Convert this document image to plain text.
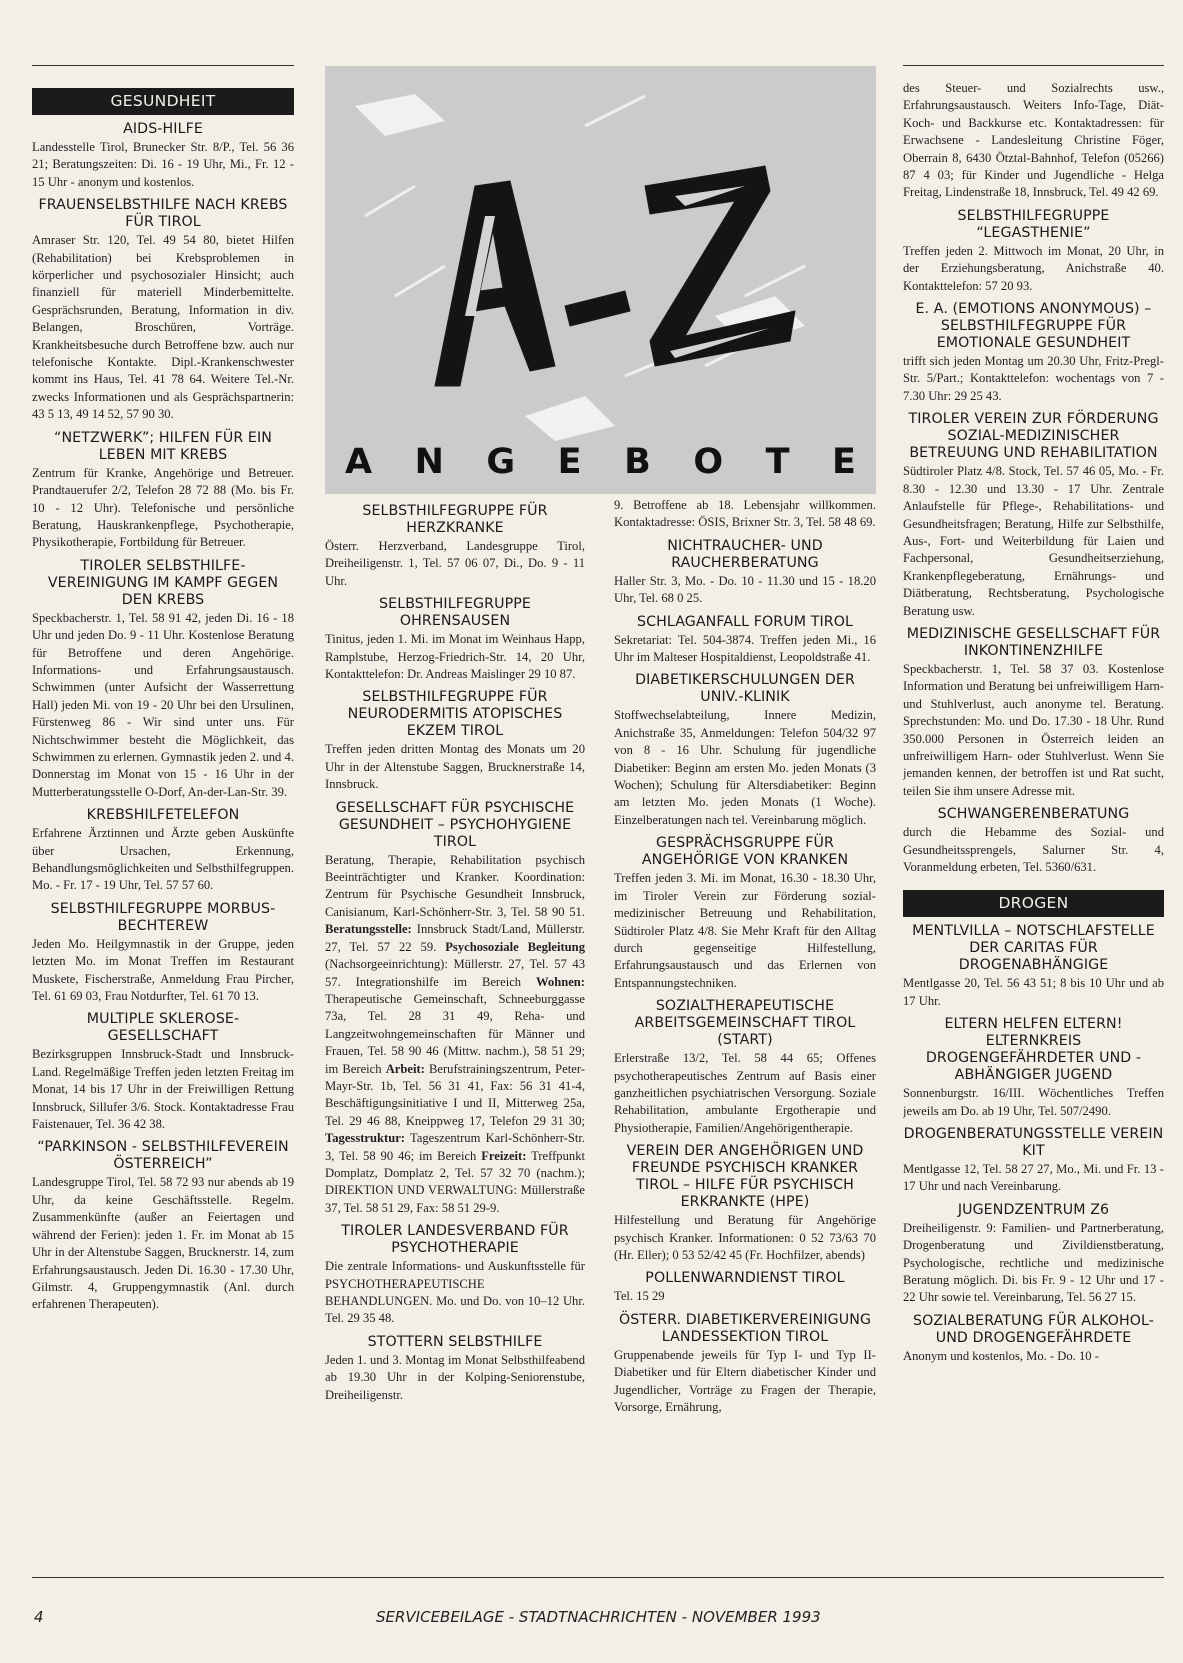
GESUNDHEIT
AIDS-HILFE

Landesstelle Tirol, Brunecker Str. 8/P., Tel. 56 36 21; Beratungszeiten: Di. 16 - 19 Uhr, Mi., Fr. 12 - 15 Uhr - anonym und kostenlos.

FRAUENSELBSTHILFE NACH KREBS FÜR TIROL

Amraser Str. 120, Tel. 49 54 80, bietet Hilfen (Rehabilitation) bei Krebsproblemen in körperlicher und psychosozialer Hinsicht; auch finanziell für materiell Minderbemittelte. Gesprächsrunden, Beratung, Information in div. Belangen, Broschüren, Vorträge. Krankheitsbesuche durch Betroffene bzw. auch nur telefonische Kontakte. Dipl.-Krankenschwester kommt ins Haus, Tel. 41 78 64. Weitere Tel.-Nr. zwecks Informationen und als Gesprächspartnerin: 43 5 13, 49 14 52, 57 90 30.

“NETZWERK”; HILFEN FÜR EIN LEBEN MIT KREBS

Zentrum für Kranke, Angehörige und Betreuer. Prandtauerufer 2/2, Telefon 28 72 88 (Mo. bis Fr. 10 - 12 Uhr). Telefonische und persönliche Beratung, Hauskrankenpflege, Psychotherapie, Physikotherapie, Fortbildung für Betreuer.

TIROLER SELBSTHILFE-VEREINIGUNG IM KAMPF GEGEN DEN KREBS

Speckbacherstr. 1, Tel. 58 91 42, jeden Di. 16 - 18 Uhr und jeden Do. 9 - 11 Uhr. Kostenlose Beratung für Betroffene und deren Angehörige. Informations- und Erfahrungsaustausch. Schwimmen (unter Aufsicht der Wasserrettung Hall) jeden Mi. von 19 - 20 Uhr bei den Ursulinen, Fürstenweg 86 - Wir sind unter uns. Für Nichtschwimmer besteht die Möglichkeit, das Schwimmen zu erlernen. Gymnastik jeden 2. und 4. Donnerstag im Monat von 15 - 16 Uhr in der Mutterberatungsstelle O-Dorf, An-der-Lan-Str. 39.

KREBSHILFETELEFON

Erfahrene Ärztinnen und Ärzte geben Auskünfte über Ursachen, Erkennung, Behandlungsmöglichkeiten und Selbsthilfegruppen. Mo. - Fr. 17 - 19 Uhr, Tel. 57 57 60.

SELBSTHILFEGRUPPE MORBUS-BECHTEREW

Jeden Mo. Heilgymnastik in der Gruppe, jeden letzten Mo. im Monat Treffen im Restaurant Muskete, Fischerstraße, Anmeldung Frau Pircher, Tel. 61 69 03, Frau Notdurfter, Tel. 61 70 13.

MULTIPLE SKLEROSE-GESELLSCHAFT

Bezirksgruppen Innsbruck-Stadt und Innsbruck-Land. Regelmäßige Treffen jeden letzten Freitag im Monat, 14 bis 17 Uhr in der Freiwilligen Rettung Innsbruck, Sillufer 3/6. Stock. Kontaktadresse Frau Faistenauer, Tel. 36 42 38.

“PARKINSON - SELBSTHILFEVEREIN ÖSTERREICH”

Landesgruppe Tirol, Tel. 58 72 93 nur abends ab 19 Uhr, da keine Geschäftsstelle. Regelm. Zusammenkünfte (außer an Feiertagen und während der Ferien): jeden 1. Fr. im Monat ab 15 Uhr in der Altenstube Saggen, Brucknerstr. 14, zum Erfahrungsaustausch. Jeden Di. 16.30 - 17.30 Uhr, Gilmstr. 4, Gruppengymnastik (Anl. durch erfahrenen Therapeuten).

A N G E B O T E
SELBSTHILFEGRUPPE FÜR HERZKRANKE

Österr. Herzverband, Landesgruppe Tirol, Dreiheiligenstr. 1, Tel. 57 06 07, Di., Do. 9 - 11 Uhr.

SELBSTHILFEGRUPPE OHRENSAUSEN

Tinitus, jeden 1. Mi. im Monat im Weinhaus Happ, Ramplstube, Herzog-Friedrich-Str. 14, 20 Uhr, Kontakttelefon: Dr. Andreas Maislinger 29 10 87.

SELBSTHILFEGRUPPE FÜR NEURODERMITIS ATOPISCHES EKZEM TIROL

Treffen jeden dritten Montag des Monats um 20 Uhr in der Altenstube Saggen, Brucknerstraße 14, Innsbruck.

GESELLSCHAFT FÜR PSYCHISCHE GESUNDHEIT – PSYCHOHYGIENE TIROL

Beratung, Therapie, Rehabilitation psychisch Beeinträchtigter und Kranker. Koordination: Zentrum für Psychische Gesundheit Innsbruck, Canisianum, Karl-Schönherr-Str. 3, Tel. 58 90 51. Beratungsstelle: Innsbruck Stadt/Land, Müllerstr. 27, Tel. 57 22 59. Psychosoziale Begleitung (Nachsorgeeinrichtung): Müllerstr. 27, Tel. 57 43 57. Integrationshilfe im Bereich Wohnen: Therapeutische Gemeinschaft, Schneeburggasse 73a, Tel. 28 31 49, Reha- und Langzeitwohngemeinschaften für Männer und Frauen, Tel. 58 90 46 (Mittw. nachm.), 58 51 29; im Bereich Arbeit: Berufstrainingszentrum, Peter-Mayr-Str. 1b, Tel. 56 31 41, Fax: 56 31 41-4, Beschäftigungsinitiative I und II, Mitterweg 25a, Tel. 29 46 88, Kneippweg 17, Telefon 29 31 30; Tagesstruktur: Tageszentrum Karl-Schönherr-Str. 3, Tel. 58 90 46; im Bereich Freizeit: Treffpunkt Domplatz, Domplatz 2, Tel. 57 32 70 (nachm.); DIREKTION UND VERWALTUNG: Müllerstraße 37, Tel. 58 51 29, Fax: 58 51 29-9.

TIROLER LANDESVERBAND FÜR PSYCHOTHERAPIE

Die zentrale Informations- und Auskunftsstelle für PSYCHOTHERAPEUTISCHE BEHANDLUNGEN. Mo. und Do. von 10–12 Uhr. Tel. 29 35 48.

STOTTERN SELBSTHILFE

Jeden 1. und 3. Montag im Monat Selbsthilfeabend ab 19.30 Uhr in der Kolping-Seniorenstube, Dreiheiligenstr.

9. Betroffene ab 18. Lebensjahr willkommen. Kontaktadresse: ÖSIS, Brixner Str. 3, Tel. 58 48 69.

NICHTRAUCHER- UND RAUCHERBERATUNG

Haller Str. 3, Mo. - Do. 10 - 11.30 und 15 - 18.20 Uhr, Tel. 68 0 25.

SCHLAGANFALL FORUM TIROL

Sekretariat: Tel. 504-3874. Treffen jeden Mi., 16 Uhr im Malteser Hospitaldienst, Leopoldstraße 41.

DIABETIKERSCHULUNGEN DER UNIV.-KLINIK

Stoffwechselabteilung, Innere Medizin, Anichstraße 35, Anmeldungen: Telefon 504/32 97 von 8 - 16 Uhr. Schulung für jugendliche Diabetiker: Beginn am ersten Mo. jeden Monats (3 Wochen); Schulung für Altersdiabetiker: Beginn am letzten Mo. jeden Monats (1 Woche). Einzelberatungen nach tel. Vereinbarung möglich.

GESPRÄCHSGRUPPE FÜR ANGEHÖRIGE VON KRANKEN

Treffen jeden 3. Mi. im Monat, 16.30 - 18.30 Uhr, im Tiroler Verein zur Förderung sozial-medizinischer Betreuung und Rehabilitation, Südtiroler Platz 4/8. Sie Mehr Kraft für den Alltag durch gegenseitige Hilfestellung, Erfahrungsaustausch und das Erlernen von Entspannungstechniken.

SOZIALTHERAPEUTISCHE ARBEITSGEMEINSCHAFT TIROL (START)

Erlerstraße 13/2, Tel. 58 44 65; Offenes psychotherapeutisches Zentrum auf Basis einer ganzheitlichen psychiatrischen Versorgung. Soziale Rehabilitation, ambulante Ergotherapie und Physiotherapie, Familien/Angehörigentherapie.

VEREIN DER ANGEHÖRIGEN UND FREUNDE PSYCHISCH KRANKER TIROL – HILFE FÜR PSYCHISCH ERKRANKTE (HPE)

Hilfestellung und Beratung für Angehörige psychisch Kranker. Informationen: 0 52 73/63 70 (Hr. Eller); 0 53 52/42 45 (Fr. Hochfilzer, abends)

POLLENWARNDIENST TIROL

Tel. 15 29

ÖSTERR. DIABETIKERVEREINIGUNG LANDESSEKTION TIROL

Gruppenabende jeweils für Typ I- und Typ II-Diabetiker und für Eltern diabetischer Kinder und Jugendlicher, Vorträge zu Fragen der Therapie, Vorsorge, Ernährung,

des Steuer- und Sozialrechts usw., Erfahrungsaustausch. Weiters Info-Tage, Diät-Koch- und Backkurse etc. Kontaktadressen: für Erwachsene - Landesleitung Christine Föger, Oberrain 8, 6430 Ötztal-Bahnhof, Telefon (05266) 87 4 03; für Kinder und Jugendliche - Helga Freitag, Lindenstraße 18, Innsbruck, Tel. 49 42 69.

SELBSTHILFEGRUPPE “LEGASTHENIE”

Treffen jeden 2. Mittwoch im Monat, 20 Uhr, in der Erziehungsberatung, Anichstraße 40. Kontakttelefon: 57 20 93.

E. A. (EMOTIONS ANONYMOUS) – SELBSTHILFEGRUPPE FÜR EMOTIONALE GESUNDHEIT

trifft sich jeden Montag um 20.30 Uhr, Fritz-Pregl-Str. 5/Part.; Kontakttelefon: wochentags von 7 - 7.30 Uhr: 29 25 43.

TIROLER VEREIN ZUR FÖRDERUNG SOZIAL-MEDIZINISCHER BETREUUNG UND REHABILITATION

Südtiroler Platz 4/8. Stock, Tel. 57 46 05, Mo. - Fr. 8.30 - 12.30 und 13.30 - 17 Uhr. Zentrale Anlaufstelle für Pflege-, Rehabilitations- und Gesundheitsfragen; Beratung, Hilfe zur Selbsthilfe, Aus-, Fort- und Weiterbildung für Laien und Fachpersonal, Gesundheitserziehung, Krankenpflegeberatung, Ernährungs- und Diätberatung, Rechtsberatung, Psychologische Beratung usw.

MEDIZINISCHE GESELLSCHAFT FÜR INKONTINENZHILFE

Speckbacherstr. 1, Tel. 58 37 03. Kostenlose Information und Beratung bei unfreiwilligem Harn- und Stuhlverlust, auch anonyme tel. Beratung. Sprechstunden: Mo. und Do. 17.30 - 18 Uhr. Rund 350.000 Personen in Österreich leiden an unfreiwilligem Harn- oder Stuhlverlust. Wenn Sie jemanden kennen, der betroffen ist und Rat sucht, teilen Sie ihm unsere Adresse mit.

SCHWANGERENBERATUNG

durch die Hebamme des Sozial- und Gesundheitssprengels, Salurner Str. 4, Voranmeldung erbeten, Tel. 5360/631.

DROGEN
MENTLVILLA – NOTSCHLAFSTELLE DER CARITAS FÜR DROGENABHÄNGIGE

Mentlgasse 20, Tel. 56 43 51; 8 bis 10 Uhr und ab 17 Uhr.

ELTERN HELFEN ELTERN! ELTERNKREIS DROGENGEFÄHRDETER UND -ABHÄNGIGER JUGEND

Sonnenburgstr. 16/III. Wöchentliches Treffen jeweils am Do. ab 19 Uhr, Tel. 507/2490.

DROGENBERATUNGSSTELLE VEREIN KIT

Mentlgasse 12, Tel. 58 27 27, Mo., Mi. und Fr. 13 - 17 Uhr und nach Vereinbarung.

JUGENDZENTRUM Z6

Dreiheiligenstr. 9: Familien- und Partnerberatung, Drogenberatung und Zivildienstberatung, Psychologische, rechtliche und medizinische Beratung möglich. Di. bis Fr. 9 - 12 Uhr und 17 - 22 Uhr sowie tel. Vereinbarung, Tel. 56 27 15.

SOZIALBERATUNG FÜR ALKOHOL- UND DROGENGEFÄHRDETE

Anonym und kostenlos, Mo. - Do. 10 -

4	SERVICEBEILAGE - STADTNACHRICHTEN - NOVEMBER 1993
